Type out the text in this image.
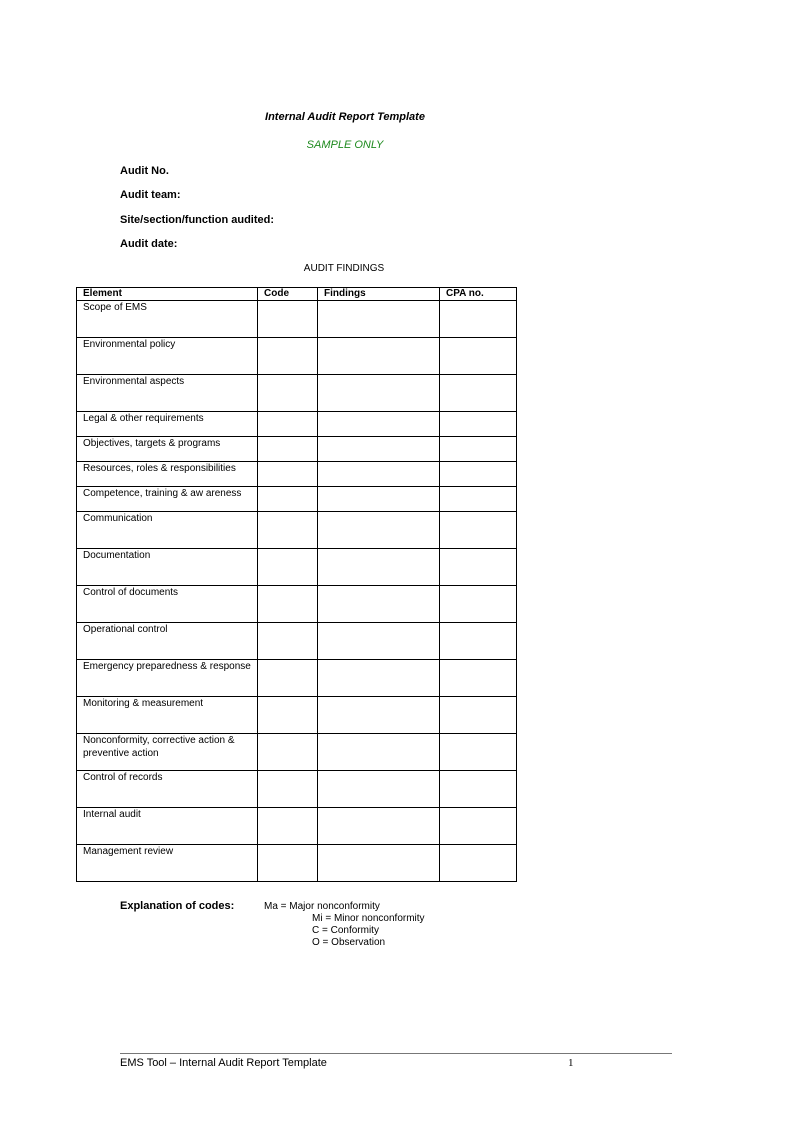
Internal Audit Report Template
SAMPLE ONLY
Audit No.
Audit team:
Site/section/function audited:
Audit date:
AUDIT FINDINGS
Element	Code	Findings	CPA no.
Scope of EMS			
Environmental policy			
Environmental aspects			
Legal & other requirements			
Objectives, targets & programs			
Resources, roles & responsibilities			
Competence, training & aw areness			
Communication			
Documentation			
Control of documents			
Operational control			
Emergency preparedness & response			
Monitoring & measurement			
Nonconformity, corrective action & preventive action			
Control of records			
Internal audit			
Management review			
Explanation of codes:	Ma = Major nonconformity
Mi = Minor nonconformity
C = Conformity
O = Observation
EMS Tool – Internal Audit Report Template	1
